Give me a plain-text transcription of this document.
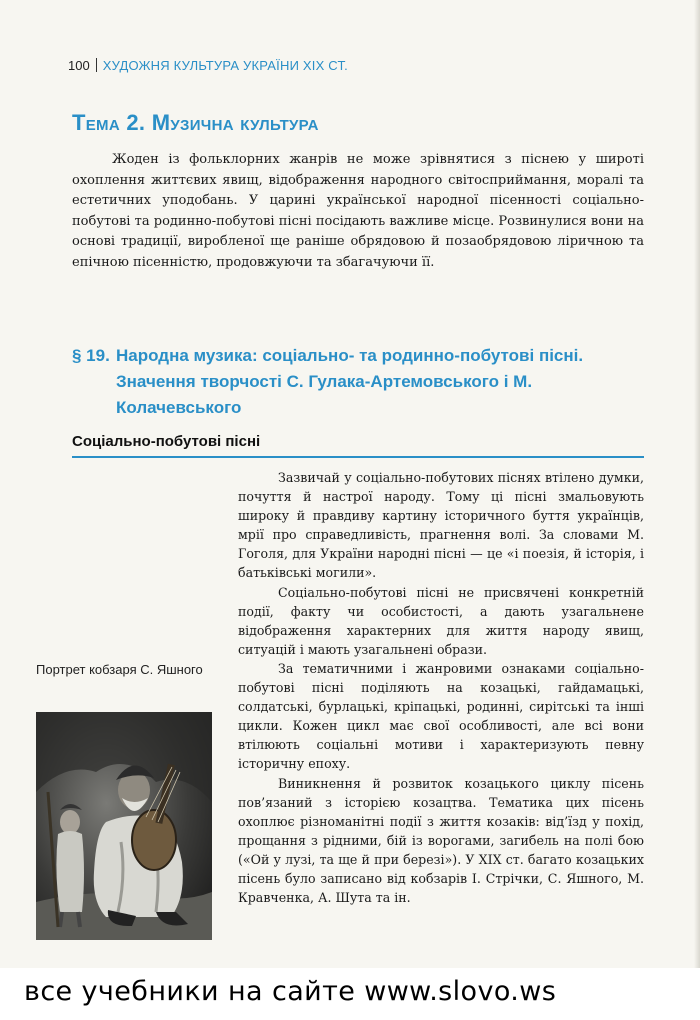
100 ХУДОЖНЯ КУЛЬТУРА УКРАЇНИ XIX СТ.
Тема 2. Музична культура

Жоден із фольклорних жанрів не може зрівнятися з піснею у широті охоплення життєвих явищ, відображення народного світосприймання, моралі та естетичних уподобань. У царині української народної пісенності соціально-побутові та родинно-побутові пісні посідають важливе місце. Розвинулися вони на основі традиції, виробленої ще раніше обрядовою й позаобрядовою ліричною та епічною пісенністю, продовжуючи та збагачуючи її.

§ 19. Народна музика: соціально- та родинно-побутові пісні. Значення творчості С. Гулака-Артемовського і М. Колачевського
Соціально-побутові пісні

Зазвичай у соціально-побутових піснях втілено думки, почуття й настрої народу. Тому ці пісні змальовують широку й правдиву картину історичного буття українців, мрії про справедливість, прагнення волі. За словами М. Гоголя, для України народні пісні — це «і поезія, й історія, і батьківські могили».

Соціально-побутові пісні не присвячені конкретній події, факту чи особистості, а дають узагальнене відображення характерних для життя народу явищ, ситуацій і мають узагальнені образи.

За тематичними і жанровими ознаками соціально-побутові пісні поділяють на козацькі, гайдамацькі, солдатські, бурлацькі, кріпацькі, родинні, сирітські та інші цикли. Кожен цикл має свої особливості, але всі вони втілюють соціальні мотиви і характеризують певну історичну епоху.

Виникнення й розвиток козацького циклу пісень пов’язаний з історією козацтва. Тематика цих пісень охоплює різноманітні події з життя козаків: від’їзд у похід, прощання з рідними, бій із ворогами, загибель на полі бою («Ой у лузі, та ще й при березі»). У XIX ст. багато козацьких пісень було записано від кобзарів І. Стрічки, С. Яшного, М. Кравченка, А. Шута та ін.

Портрет кобзаря С. Яшного

все учебники на сайте www.slovo.ws
